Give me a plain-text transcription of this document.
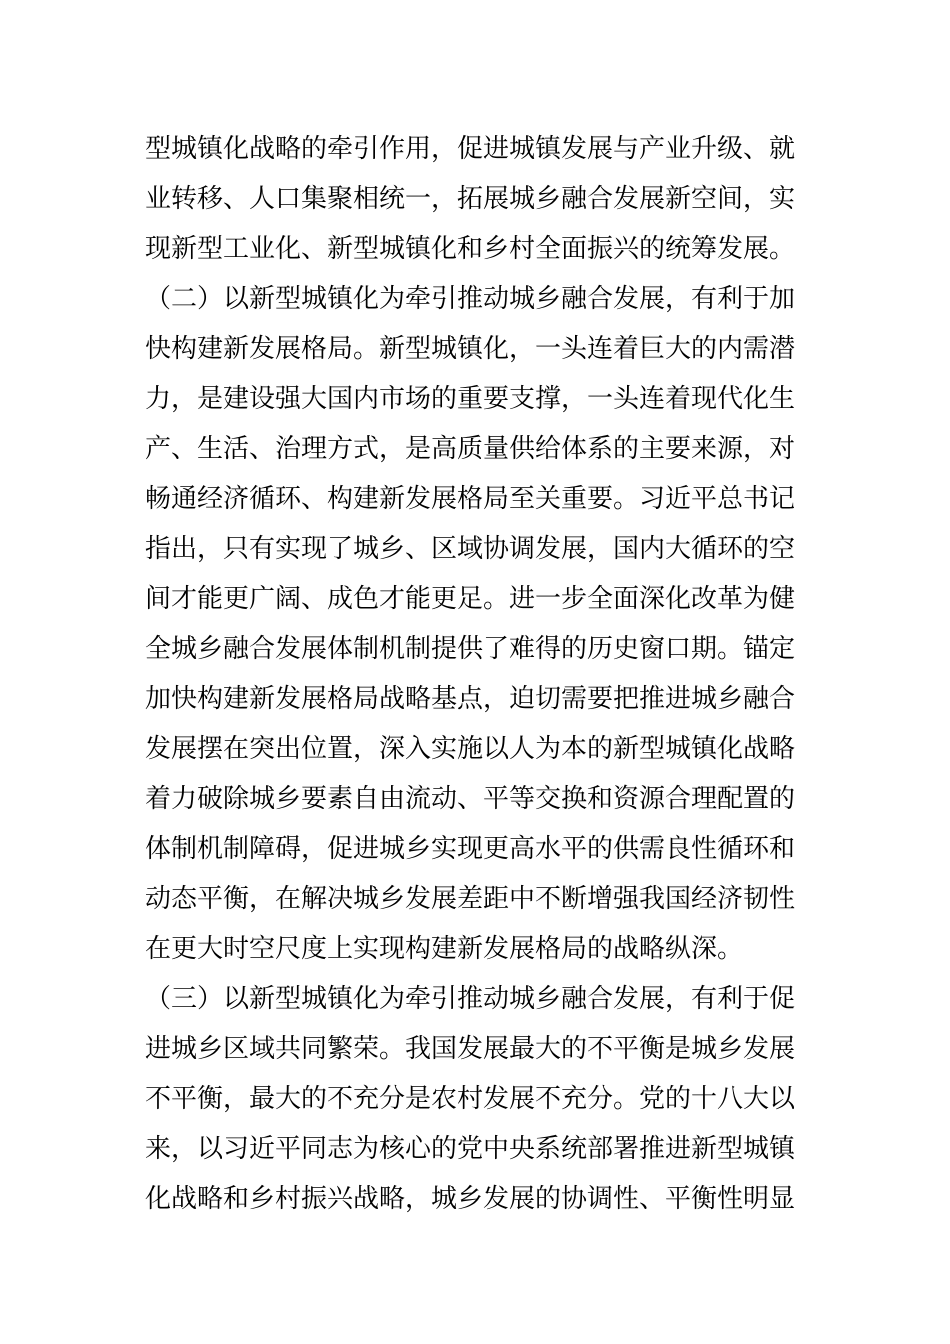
型城镇化战略的牵引作用，促进城镇发展与产业升级、就
业转移、人口集聚相统一，拓展城乡融合发展新空间，实
现新型工业化、新型城镇化和乡村全面振兴的统筹发展。
（二）以新型城镇化为牵引推动城乡融合发展，有利于加
快构建新发展格局。新型城镇化，一头连着巨大的内需潜
力，是建设强大国内市场的重要支撑，一头连着现代化生
产、生活、治理方式，是高质量供给体系的主要来源，对
畅通经济循环、构建新发展格局至关重要。习近平总书记
指出，只有实现了城乡、区域协调发展，国内大循环的空
间才能更广阔、成色才能更足。进一步全面深化改革为健
全城乡融合发展体制机制提供了难得的历史窗口期。锚定
加快构建新发展格局战略基点，迫切需要把推进城乡融合
发展摆在突出位置，深入实施以人为本的新型城镇化战略
着力破除城乡要素自由流动、平等交换和资源合理配置的
体制机制障碍，促进城乡实现更高水平的供需良性循环和
动态平衡，在解决城乡发展差距中不断增强我国经济韧性
在更大时空尺度上实现构建新发展格局的战略纵深。
（三）以新型城镇化为牵引推动城乡融合发展，有利于促
进城乡区域共同繁荣。我国发展最大的不平衡是城乡发展
不平衡，最大的不充分是农村发展不充分。党的十八大以
来，以习近平同志为核心的党中央系统部署推进新型城镇
化战略和乡村振兴战略，城乡发展的协调性、平衡性明显
